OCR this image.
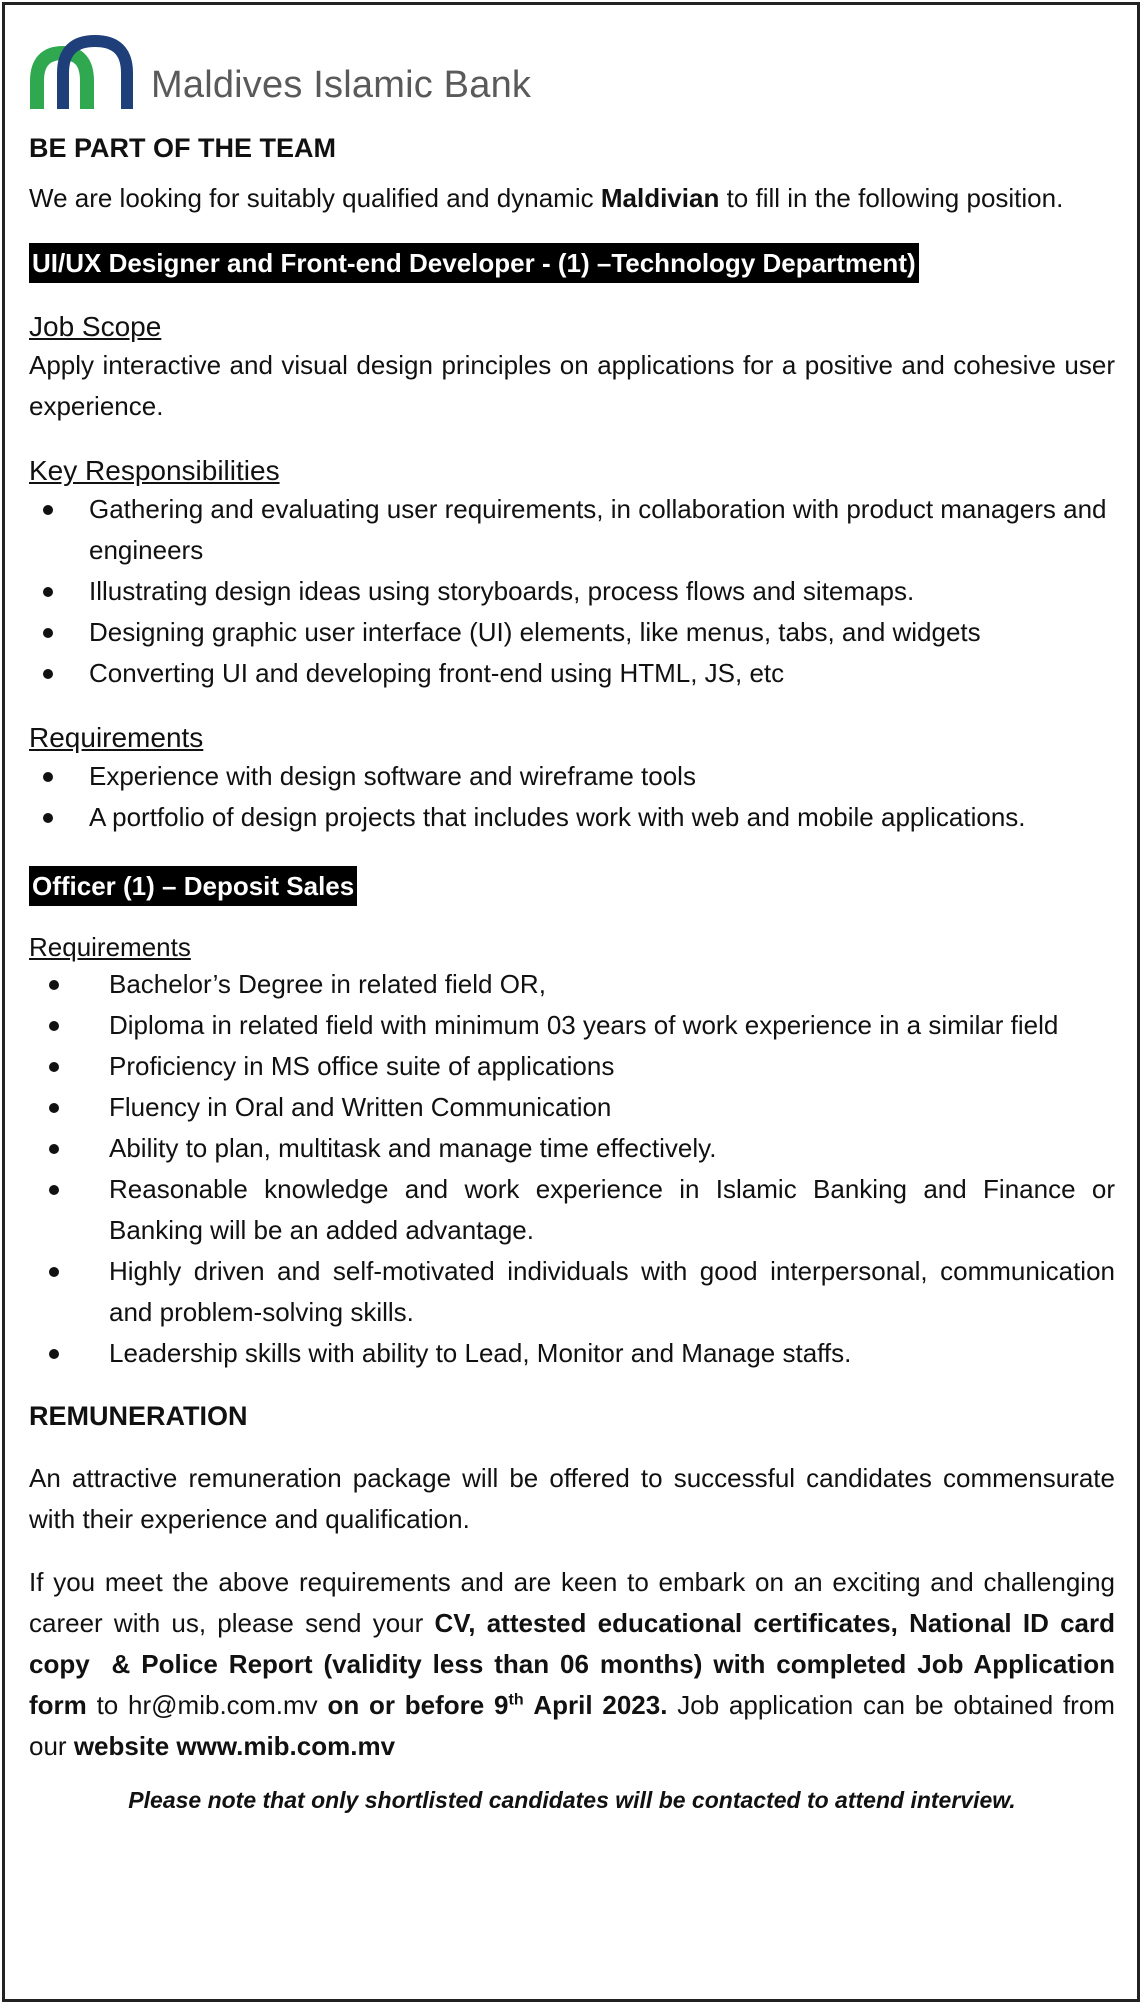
Maldives Islamic Bank
BE PART OF THE TEAM

We are looking for suitably qualified and dynamic Maldivian to fill in the following position.

UI/UX Designer and Front-end Developer - (1) –Technology Department)
Job Scope

Apply interactive and visual design principles on applications for a positive and cohesive user experience.

Key Responsibilities
Gathering and evaluating user requirements, in collaboration with product managers and engineers
Illustrating design ideas using storyboards, process flows and sitemaps.
Designing graphic user interface (UI) elements, like menus, tabs, and widgets
Converting UI and developing front-end using HTML, JS, etc
Requirements
Experience with design software and wireframe tools
A portfolio of design projects that includes work with web and mobile applications.
Officer (1) – Deposit Sales
Requirements
Bachelor’s Degree in related field OR,
Diploma in related field with minimum 03 years of work experience in a similar field
Proficiency in MS office suite of applications
Fluency in Oral and Written Communication
Ability to plan, multitask and manage time effectively.
Reasonable knowledge and work experience in Islamic Banking and Finance or Banking will be an added advantage.
Highly driven and self-motivated individuals with good interpersonal, communication and problem-solving skills.
Leadership skills with ability to Lead, Monitor and Manage staffs.
REMUNERATION

An attractive remuneration package will be offered to successful candidates commensurate with their experience and qualification.

If you meet the above requirements and are keen to embark on an exciting and challenging career with us, please send your CV, attested educational certificates, National ID card copy  & Police Report (validity less than 06 months) with completed Job Application form to hr@mib.com.mv on or before 9th April 2023. Job application can be obtained from our website www.mib.com.mv

Please note that only shortlisted candidates will be contacted to attend interview.
